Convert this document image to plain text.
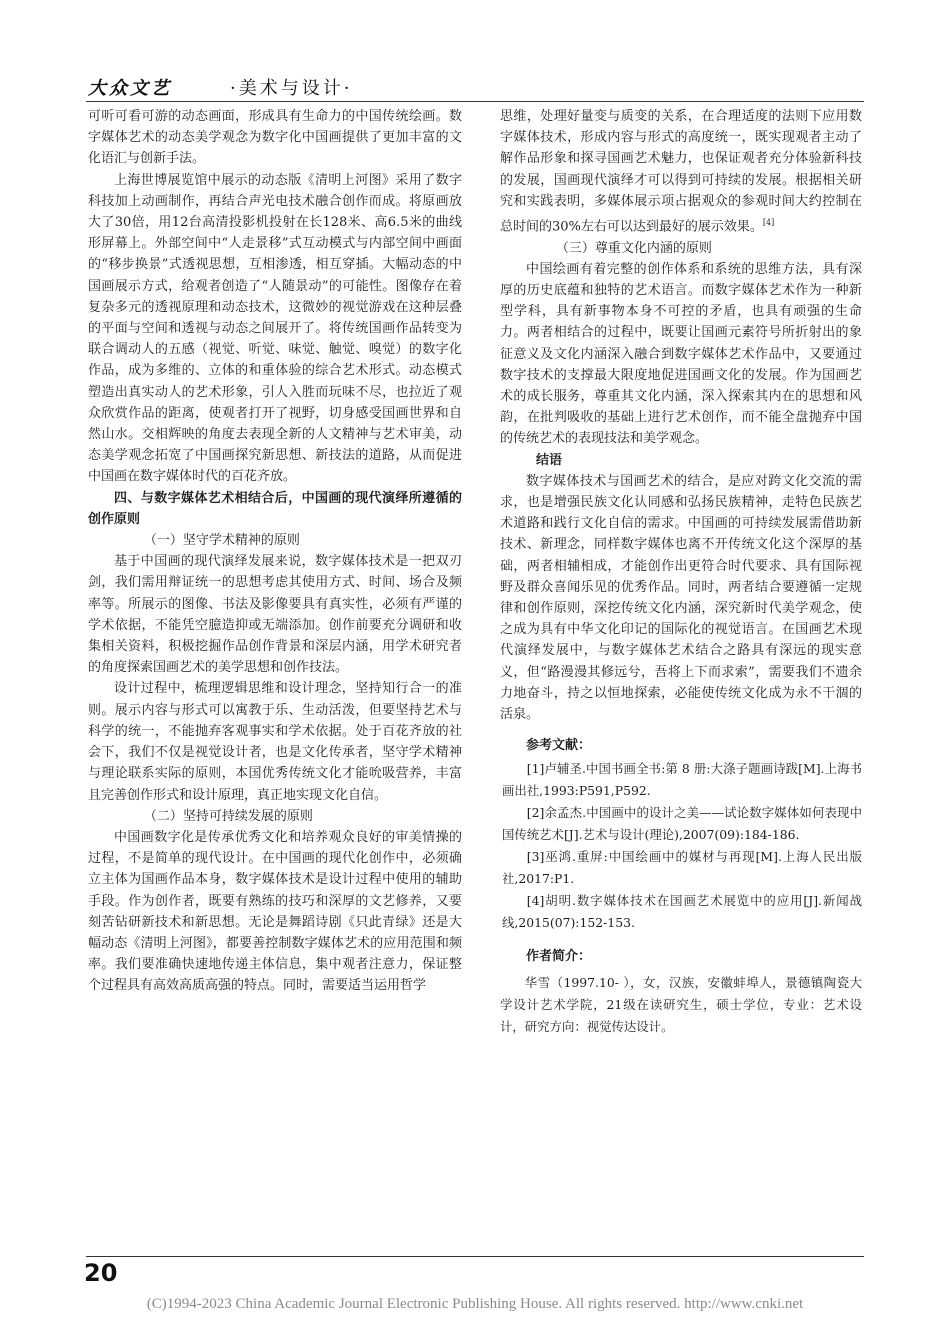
大众文艺	·美术与设计·

可听可看可游的动态画面，形成具有生命力的中国传统绘画。数字媒体艺术的动态美学观念为数字化中国画提供了更加丰富的文化语汇与创新手法。

上海世博展览馆中展示的动态版《清明上河图》采用了数字科技加上动画制作，再结合声光电技术融合创作而成。将原画放大了30倍，用12台高清投影机投射在长128米、高6.5米的曲线形屏幕上。外部空间中“人走景移”式互动模式与内部空间中画面的“移步换景”式透视思想，互相渗透，相互穿插。大幅动态的中国画展示方式，给观者创造了“人随景动”的可能性。图像存在着复杂多元的透视原理和动态技术，这微妙的视觉游戏在这种层叠的平面与空间和透视与动态之间展开了。将传统国画作品转变为联合调动人的五感（视觉、听觉、味觉、触觉、嗅觉）的数字化作品，成为多维的、立体的和重体验的综合艺术形式。动态模式塑造出真实动人的艺术形象，引人入胜而玩味不尽，也拉近了观众欣赏作品的距离，使观者打开了视野，切身感受国画世界和自然山水。交相辉映的角度去表现全新的人文精神与艺术审美，动态美学观念拓宽了中国画探究新思想、新技法的道路，从而促进中国画在数字媒体时代的百花齐放。

四、与数字媒体艺术相结合后，中国画的现代演绎所遵循的创作原则

（一）坚守学术精神的原则

基于中国画的现代演绎发展来说，数字媒体技术是一把双刃剑，我们需用辩证统一的思想考虑其使用方式、时间、场合及频率等。所展示的图像、书法及影像要具有真实性，必须有严谨的学术依据，不能凭空臆造抑或无端添加。创作前要充分调研和收集相关资料，积极挖掘作品创作背景和深层内涵，用学术研究者的角度探索国画艺术的美学思想和创作技法。

设计过程中，梳理逻辑思维和设计理念，坚持知行合一的准则。展示内容与形式可以寓教于乐、生动活泼，但要坚持艺术与科学的统一，不能抛弃客观事实和学术依据。处于百花齐放的社会下，我们不仅是视觉设计者，也是文化传承者，坚守学术精神与理论联系实际的原则，本国优秀传统文化才能吮吸营养，丰富且完善创作形式和设计原理，真正地实现文化自信。

（二）坚持可持续发展的原则

中国画数字化是传承优秀文化和培养观众良好的审美情操的过程，不是简单的现代设计。在中国画的现代化创作中，必须确立主体为国画作品本身，数字媒体技术是设计过程中使用的辅助手段。作为创作者，既要有熟练的技巧和深厚的文艺修养，又要刻苦钻研新技术和新思想。无论是舞蹈诗剧《只此青绿》还是大幅动态《清明上河图》，都要善控制数字媒体艺术的应用范围和频率。我们要准确快速地传递主体信息，集中观者注意力，保证整个过程具有高效高质高强的特点。同时，需要适当运用哲学

思维，处理好量变与质变的关系，在合理适度的法则下应用数字媒体技术，形成内容与形式的高度统一，既实现观者主动了解作品形象和探寻国画艺术魅力，也保证观者充分体验新科技的发展，国画现代演绎才可以得到可持续的发展。根据相关研究和实践表明，多媒体展示项占据观众的参观时间大约控制在总时间的30%左右可以达到最好的展示效果。[4]

（三）尊重文化内涵的原则

中国绘画有着完整的创作体系和系统的思维方法，具有深厚的历史底蕴和独特的艺术语言。而数字媒体艺术作为一种新型学科，具有新事物本身不可控的矛盾，也具有顽强的生命力。两者相结合的过程中，既要让国画元素符号所折射出的象征意义及文化内涵深入融合到数字媒体艺术作品中，又要通过数字技术的支撑最大限度地促进国画文化的发展。作为国画艺术的成长服务，尊重其文化内涵，深入探索其内在的思想和风韵，在批判吸收的基础上进行艺术创作，而不能全盘抛弃中国的传统艺术的表现技法和美学观念。

结语

数字媒体技术与国画艺术的结合，是应对跨文化交流的需求，也是增强民族文化认同感和弘扬民族精神，走特色民族艺术道路和践行文化自信的需求。中国画的可持续发展需借助新技术、新理念，同样数字媒体也离不开传统文化这个深厚的基础，两者相辅相成，才能创作出更符合时代要求、具有国际视野及群众喜闻乐见的优秀作品。同时，两者结合要遵循一定规律和创作原则，深挖传统文化内涵，深究新时代美学观念，使之成为具有中华文化印记的国际化的视觉语言。在国画艺术现代演绎发展中，与数字媒体艺术结合之路具有深远的现实意义，但“路漫漫其修远兮，吾将上下而求索”，需要我们不遗余力地奋斗，持之以恒地探索，必能使传统文化成为永不干涸的活泉。

参考文献：

[1]卢辅圣.中国书画全书:第 8 册:大涤子题画诗跋[M].上海书画出社,1993:P591,P592.

[2]余孟杰.中国画中的设计之美——试论数字媒体如何表现中国传统艺术[J].艺术与设计(理论),2007(09):184-186.

[3]巫鸿.重屏:中国绘画中的媒材与再现[M].上海人民出版社,2017:P1.

[4]胡明.数字媒体技术在国画艺术展览中的应用[J].新闻战线,2015(07):152-153.

作者简介：

华雪（1997.10- ），女，汉族，安徽蚌埠人，景德镇陶瓷大学设计艺术学院，21级在读研究生，硕士学位，专业：艺术设计，研究方向：视觉传达设计。

20
(C)1994-2023 China Academic Journal Electronic Publishing House. All rights reserved. http://www.cnki.net
